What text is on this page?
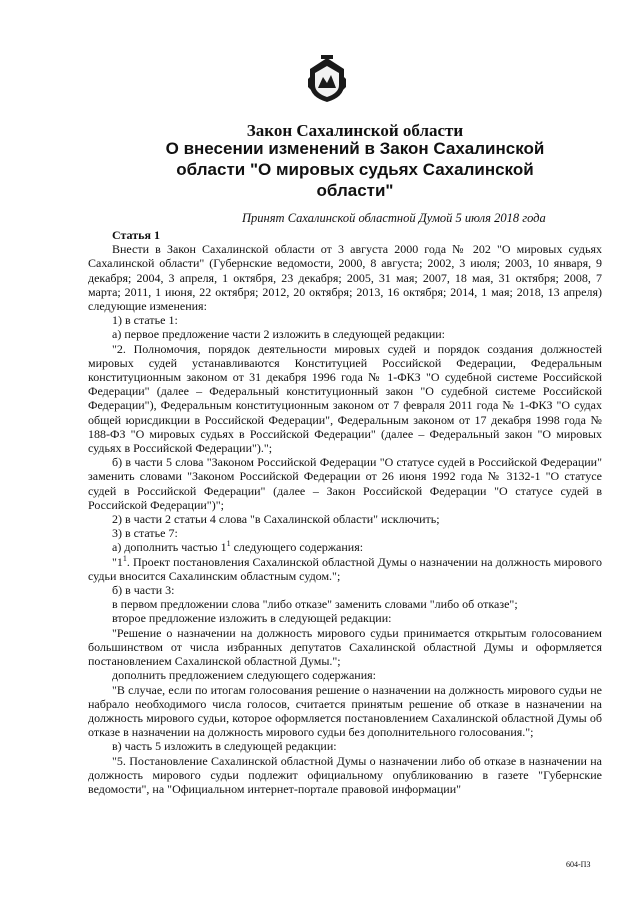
Закон Сахалинской области
О внесении изменений в Закон Сахалинской
области "О мировых судьях Сахалинской
области"
Принят Сахалинской областной Думой 5 июля 2018 года

Статья 1

Внести в Закон Сахалинской области от 3 августа 2000 года № 202 "О мировых судьях Сахалинской области" (Губернские ведомости, 2000, 8 августа; 2002, 3 июля; 2003, 10 января, 9 декабря; 2004, 3 апреля, 1 октября, 23 декабря; 2005, 31 мая; 2007, 18 мая, 31 октября; 2008, 7 марта; 2011, 1 июня, 22 октября; 2012, 20 октября; 2013, 16 октября; 2014, 1 мая; 2018, 13 апреля) следующие изменения:

1) в статье 1:

а) первое предложение части 2 изложить в следующей редакции:

"2. Полномочия, порядок деятельности мировых судей и порядок создания должностей мировых судей устанавливаются Конституцией Российской Федерации, Федеральным конституционным законом от 31 декабря 1996 года № 1-ФКЗ "О судебной системе Российской Федерации" (далее – Федеральный конституционный закон "О судебной системе Российской Федерации"), Федеральным конституционным законом от 7 февраля 2011 года № 1-ФКЗ "О судах общей юрисдикции в Российской Федерации", Федеральным законом от 17 декабря 1998 года № 188-ФЗ "О мировых судьях в Российской Федерации" (далее – Федеральный закон "О мировых судьях в Российской Федерации").";

б) в части 5 слова "Законом Российской Федерации "О статусе судей в Российской Федерации" заменить словами "Законом Российской Федерации от 26 июня 1992 года № 3132-1 "О статусе судей в Российской Федерации" (далее – Закон Российской Федерации "О статусе судей в Российской Федерации")";

2) в части 2 статьи 4 слова "в Сахалинской области" исключить;

3) в статье 7:

а) дополнить частью $1^1$ следующего содержания:

"$1^1$. Проект постановления Сахалинской областной Думы о назначении на должность мирового судьи вносится Сахалинским областным судом.";

б) в части 3:

в первом предложении слова "либо отказе" заменить словами "либо об отказе";

второе предложение изложить в следующей редакции:

"Решение о назначении на должность мирового судьи принимается открытым голосованием большинством от числа избранных депутатов Сахалинской областной Думы и оформляется постановлением Сахалинской областной Думы.";

дополнить предложением следующего содержания:

"В случае, если по итогам голосования решение о назначении на должность мирового судьи не набрало необходимого числа голосов, считается принятым решение об отказе в назначении на должность мирового судьи, которое оформляется постановлением Сахалинской областной Думы об отказе в назначении на должность мирового судьи без дополнительного голосования.";

в) часть 5 изложить в следующей редакции:

"5. Постановление Сахалинской областной Думы о назначении либо об отказе в назначении на должность мирового судьи подлежит официальному опубликованию в газете "Губернские ведомости", на "Официальном интернет-портале правовой информации"

604-ПЗ
